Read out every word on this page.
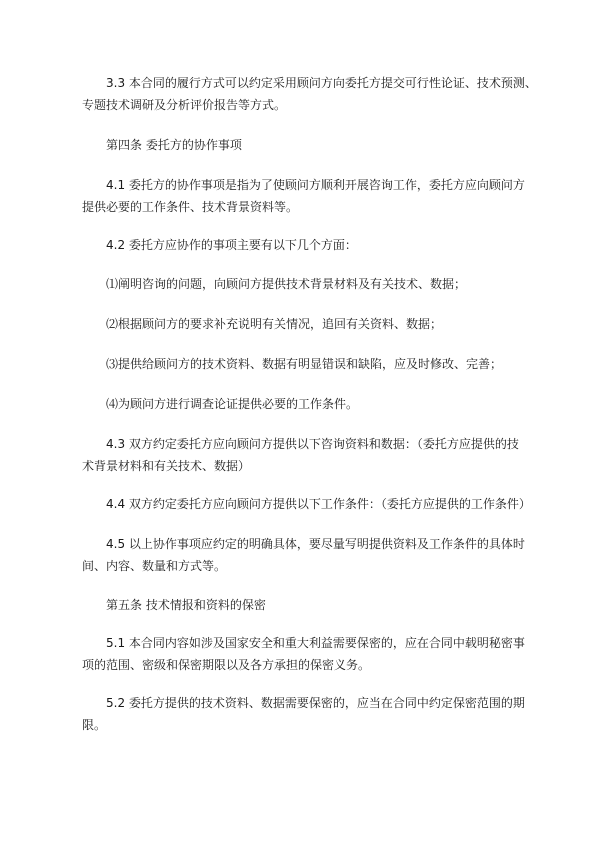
3.3 本合同的履行方式可以约定采用顾问方向委托方提交可行性论证、技术预测、
专题技术调研及分析评价报告等方式。

第四条 委托方的协作事项

4.1 委托方的协作事项是指为了使顾问方顺利开展咨询工作，委托方应向顾问方
提供必要的工作条件、技术背景资料等。

4.2 委托方应协作的事项主要有以下几个方面：

⑴阐明咨询的问题，向顾问方提供技术背景材料及有关技术、数据；

⑵根据顾问方的要求补充说明有关情况，追回有关资料、数据；

⑶提供给顾问方的技术资料、数据有明显错误和缺陷，应及时修改、完善；

⑷为顾问方进行调查论证提供必要的工作条件。

4.3 双方约定委托方应向顾问方提供以下咨询资料和数据：（委托方应提供的技
术背景材料和有关技术、数据）

4.4 双方约定委托方应向顾问方提供以下工作条件：（委托方应提供的工作条件）

4.5 以上协作事项应约定的明确具体，要尽量写明提供资料及工作条件的具体时
间、内容、数量和方式等。

第五条 技术情报和资料的保密

5.1 本合同内容如涉及国家安全和重大利益需要保密的，应在合同中载明秘密事
项的范围、密级和保密期限以及各方承担的保密义务。

5.2 委托方提供的技术资料、数据需要保密的，应当在合同中约定保密范围的期
限。
